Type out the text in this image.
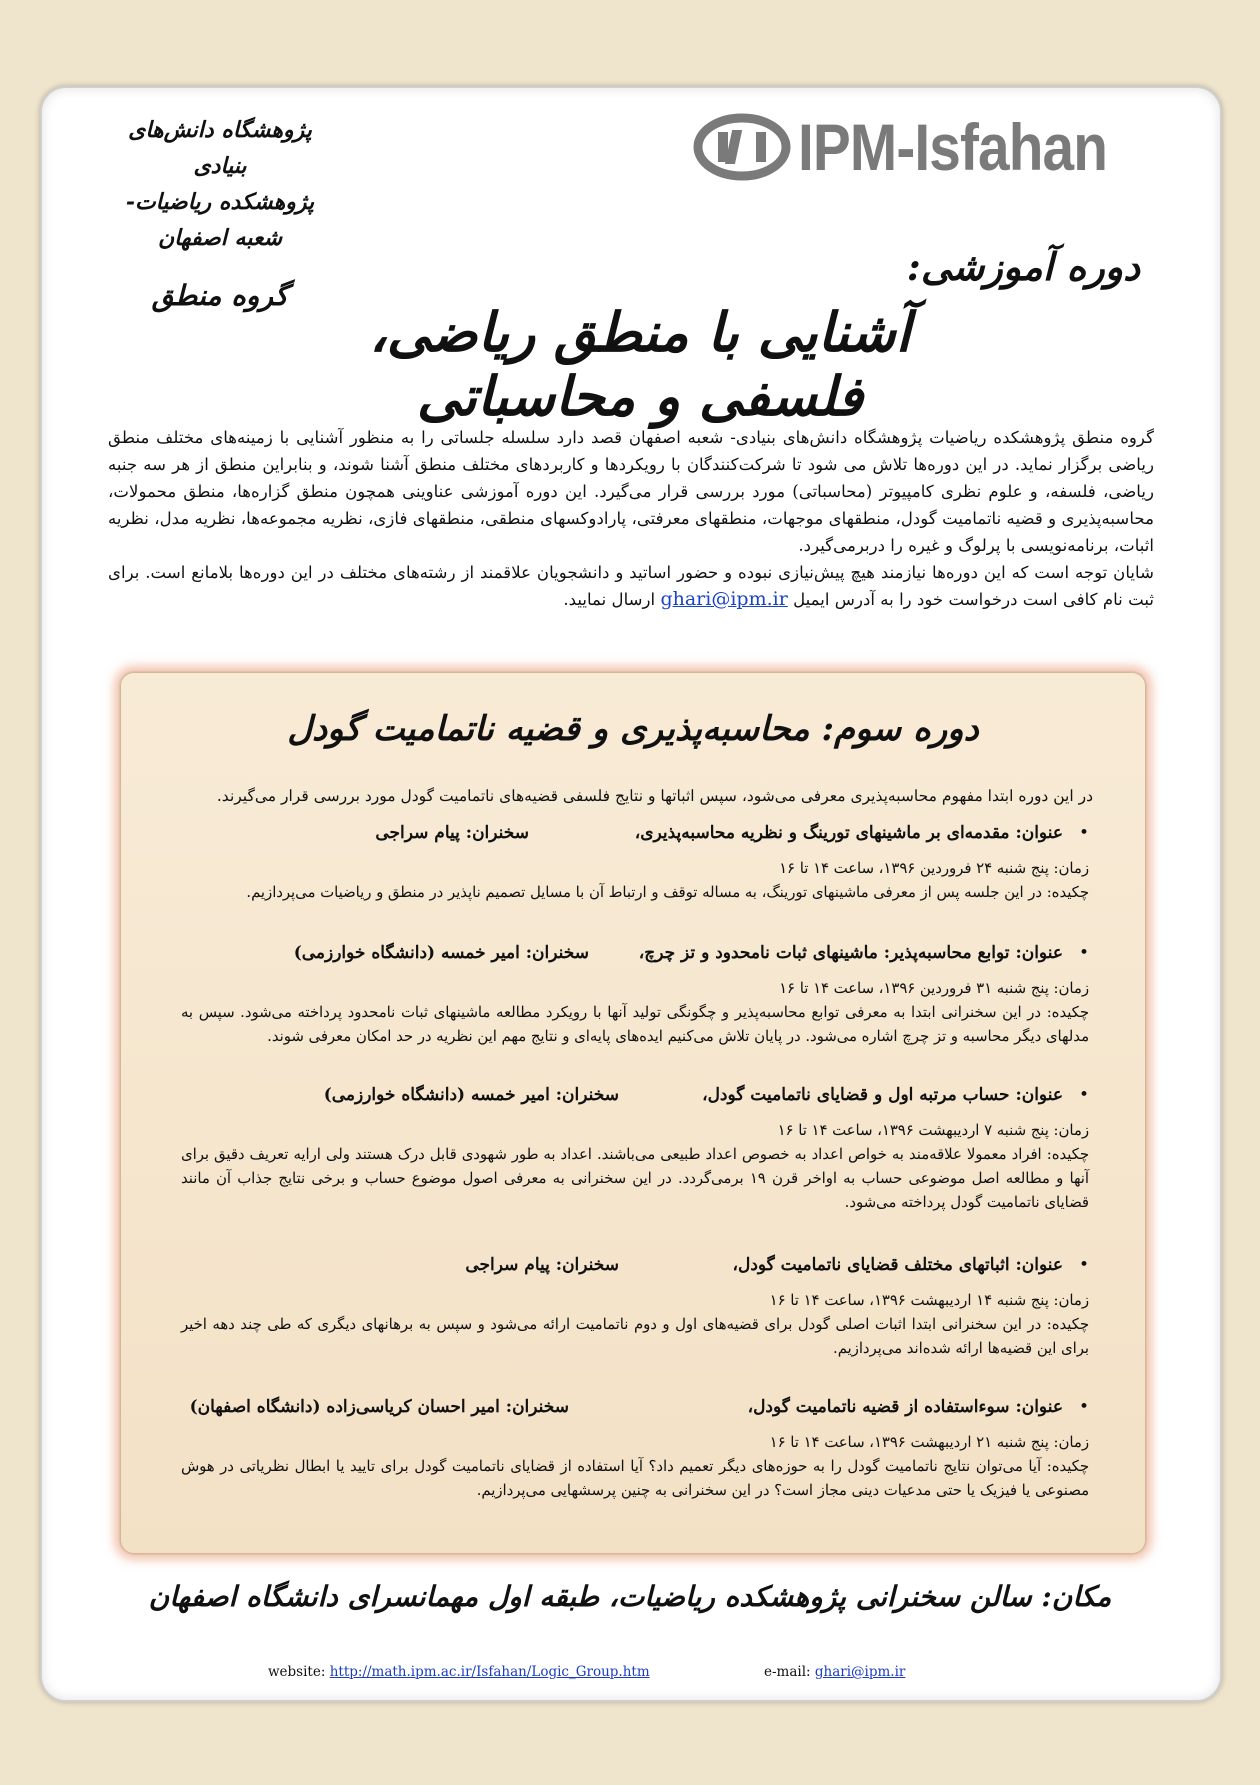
پژوهشگاه دانش‌های بنیادی
پژوهشکده ریاضیات- شعبه اصفهان
گروه منطق
IPM-Isfahan
دوره آموزشی:
آشنایی با منطق ریاضی، فلسفی و محاسباتی

گروه منطق پژوهشکده ریاضیات پژوهشگاه دانش‌های بنیادی- شعبه اصفهان قصد دارد سلسله جلساتی را به منظور آشنایی با زمینه‌های مختلف منطق ریاضی برگزار نماید. در این دوره‌ها تلاش می شود تا شرکت‌کنندگان با رویکردها و کاربردهای مختلف منطق آشنا شوند، و بنابراین منطق از هر سه جنبه ریاضی، فلسفه، و علوم نظری کامپیوتر (محاسباتی) مورد بررسی قرار می‌گیرد. این دوره آموزشی عناوینی همچون منطق گزاره‌ها، منطق محمولات، محاسبه‌پذیری و قضیه ناتمامیت گودل، منطقهای موجهات، منطقهای معرفتی، پارادوکسهای منطقی، منطقهای فازی، نظریه مجموعه‌ها، نظریه مدل، نظریه اثبات، برنامه‌نویسی با پرلوگ و غیره را دربرمی‌گیرد.

شایان توجه است که این دوره‌ها نیازمند هیچ پیش‌نیازی نبوده و حضور اساتید و دانشجویان علاقمند از رشته‌های مختلف در این دوره‌ها بلامانع است. برای ثبت نام کافی است درخواست خود را به آدرس ایمیل ghari@ipm.ir ارسال نمایید.

دوره سوم: محاسبه‌پذیری و قضیه ناتمامیت گودل
در این دوره ابتدا مفهوم محاسبه‌پذیری معرفی می‌شود، سپس اثباتها و نتایج فلسفی قضیه‌های ناتمامیت گودل مورد بررسی قرار می‌گیرند.
•
عنوان: مقدمه‌ای بر ماشینهای تورینگ و نظریه محاسبه‌پذیری،
سخنران: پیام سراجی
زمان: پنج شنبه ۲۴ فروردین ۱۳۹۶، ساعت ۱۴ تا ۱۶
چکیده: در این جلسه پس از معرفی ماشینهای تورینگ، به مساله توقف و ارتباط آن با مسایل تصمیم ناپذیر در منطق و ریاضیات می‌پردازیم.
•
عنوان: توابع محاسبه‌پذیر: ماشینهای ثبات نامحدود و تز چرچ،
سخنران: امیر خمسه (دانشگاه خوارزمی)
زمان: پنج شنبه ۳۱ فروردین ۱۳۹۶، ساعت ۱۴ تا ۱۶
چکیده: در این سخنرانی ابتدا به معرفی توابع محاسبه‌پذیر و چگونگی تولید آنها با رویکرد مطالعه ماشینهای ثبات نامحدود پرداخته می‌شود. سپس به مدلهای دیگر محاسبه و تز چرچ اشاره می‌شود. در پایان تلاش می‌کنیم ایده‌های پایه‌ای و نتایج مهم این نظریه در حد امکان معرفی شوند.
•
عنوان: حساب مرتبه اول و قضایای ناتمامیت گودل،
سخنران: امیر خمسه (دانشگاه خوارزمی)
زمان: پنج شنبه ۷ اردیبهشت ۱۳۹۶، ساعت ۱۴ تا ۱۶
چکیده: افراد معمولا علاقه‌مند به خواص اعداد به خصوص اعداد طبیعی می‌باشند. اعداد به طور شهودی قابل درک هستند ولی ارایه تعریف دقیق برای آنها و مطالعه اصل موضوعی حساب به اواخر قرن ۱۹ برمی‌گردد. در این سخنرانی به معرفی اصول موضوع حساب و برخی نتایج جذاب آن مانند قضایای ناتمامیت گودل پرداخته می‌شود.
•
عنوان: اثباتهای مختلف قضایای ناتمامیت گودل،
سخنران: پیام سراجی
زمان: پنج شنبه ۱۴ اردیبهشت ۱۳۹۶، ساعت ۱۴ تا ۱۶
چکیده: در این سخنرانی ابتدا اثبات اصلی گودل برای قضیه‌های اول و دوم ناتمامیت ارائه می‌شود و سپس به برهانهای دیگری که طی چند دهه اخیر برای این قضیه‌ها ارائه شده‌اند می‌پردازیم.
•
عنوان: سوءاستفاده از قضیه ناتمامیت گودل،
سخنران: امیر احسان کریاسی‌زاده (دانشگاه اصفهان)
زمان: پنج شنبه ۲۱ اردیبهشت ۱۳۹۶، ساعت ۱۴ تا ۱۶
چکیده: آیا می‌توان نتایج ناتمامیت گودل را به حوزه‌های دیگر تعمیم داد؟ آیا استفاده از قضایای ناتمامیت گودل برای تایید یا ابطال نظریاتی در هوش مصنوعی یا فیزیک یا حتی مدعیات دینی مجاز است؟ در این سخنرانی به چنین پرسشهایی می‌پردازیم.
مکان: سالن سخنرانی پژوهشکده ریاضیات، طبقه اول مهمانسرای دانشگاه اصفهان
website: http://math.ipm.ac.ir/Isfahan/Logic_Group.htm	e-mail: ghari@ipm.ir
